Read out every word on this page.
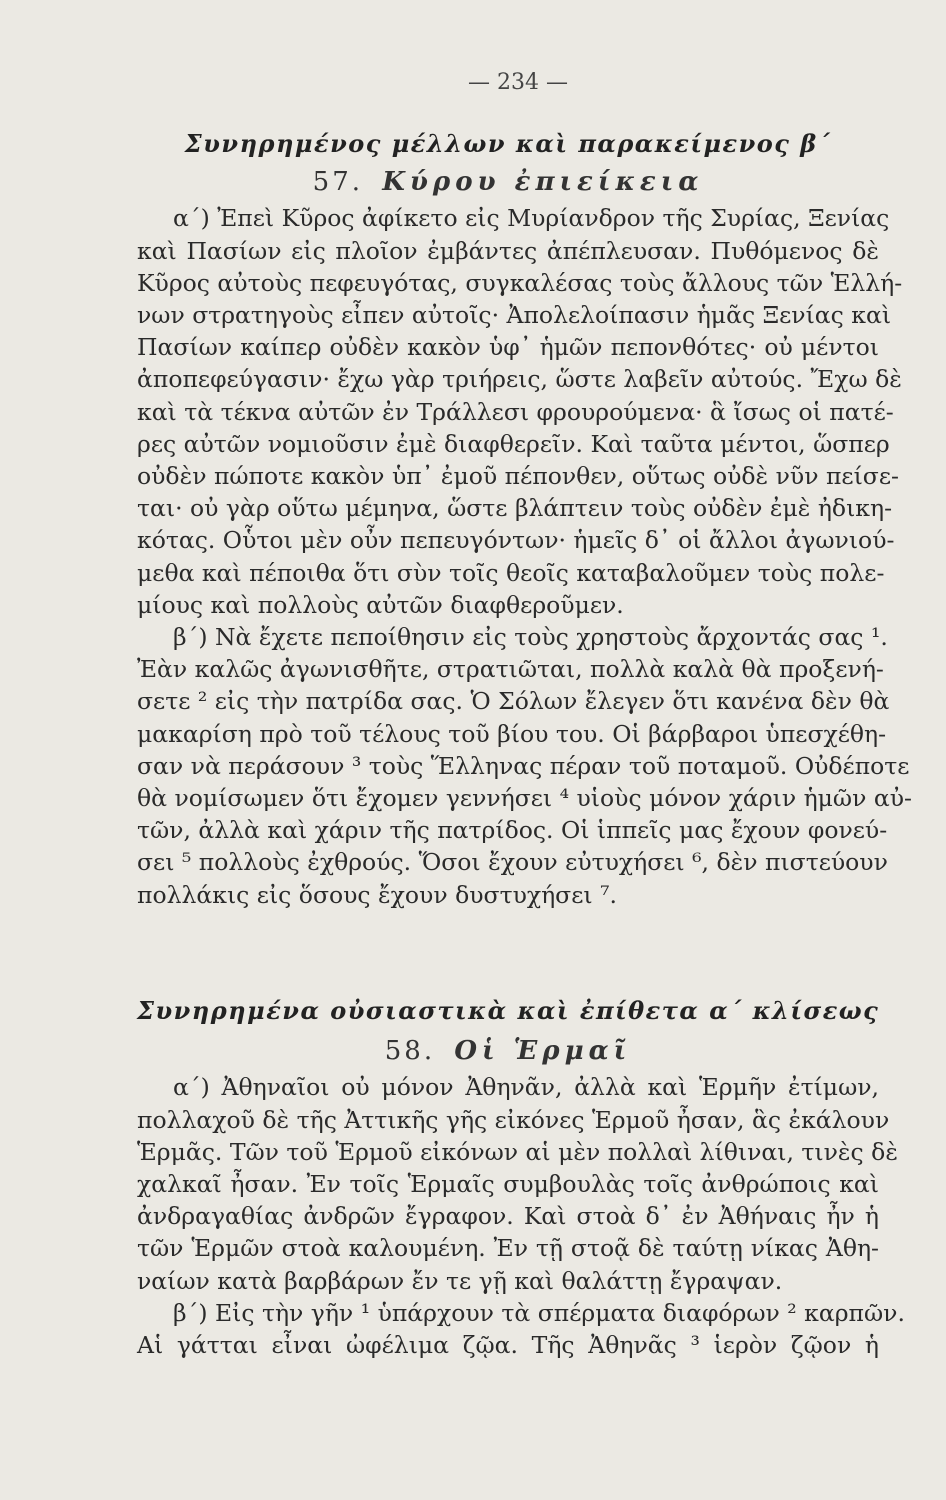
— 234 —
Συνηρημένος μέλλων καὶ παρακείμενος β΄
57. Κύρου ἐπιείκεια
α΄) Ἐπεὶ Κῦρος ἀφίκετο εἰς Μυρίανδρον τῆς Συρίας, Ξενίας
καὶ Πασίων εἰς πλοῖον ἐμβάντες ἀπέπλευσαν. Πυθόμενος δὲ
Κῦρος αὐτοὺς πεφευγότας, συγκαλέσας τοὺς ἄλλους τῶν Ἑλλή-
νων στρατηγοὺς εἶπεν αὐτοῖς· Ἀπολελοίπασιν ἡμᾶς Ξενίας καὶ
Πασίων καίπερ οὐδὲν κακὸν ὑφ᾽ ἡμῶν πεπονθότες· οὐ μέντοι
ἀποπεφεύγασιν· ἔχω γὰρ τριήρεις, ὥστε λαβεῖν αὐτούς. Ἔχω δὲ
καὶ τὰ τέκνα αὐτῶν ἐν Τράλλεσι φρουρούμενα· ἃ ἴσως οἱ πατέ-
ρες αὐτῶν νομιοῦσιν ἐμὲ διαφθερεῖν. Καὶ ταῦτα μέντοι, ὥσπερ
οὐδὲν πώποτε κακὸν ὑπ᾽ ἐμοῦ πέπονθεν, οὕτως οὐδὲ νῦν πείσε-
ται· οὐ γὰρ οὕτω μέμηνα, ὥστε βλάπτειν τοὺς οὐδὲν ἐμὲ ἠδικη-
κότας. Οὗτοι μὲν οὖν πεπευγόντων· ἡμεῖς δ᾽ οἱ ἄλλοι ἀγωνιού-
μεθα καὶ πέποιθα ὅτι σὺν τοῖς θεοῖς καταβαλοῦμεν τοὺς πολε-
μίους καὶ πολλοὺς αὐτῶν διαφθεροῦμεν.
β΄) Νὰ ἔχετε πεποίθησιν εἰς τοὺς χρηστοὺς ἄρχοντάς σας ¹.
Ἐὰν καλῶς ἀγωνισθῆτε, στρατιῶται, πολλὰ καλὰ θὰ προξενή-
σετε ² εἰς τὴν πατρίδα σας. Ὁ Σόλων ἔλεγεν ὅτι κανένα δὲν θὰ
μακαρίση πρὸ τοῦ τέλους τοῦ βίου του. Οἱ βάρβαροι ὑπεσχέθη-
σαν νὰ περάσουν ³ τοὺς Ἕλληνας πέραν τοῦ ποταμοῦ. Οὐδέποτε
θὰ νομίσωμεν ὅτι ἔχομεν γεννήσει ⁴ υἱοὺς μόνον χάριν ἡμῶν αὐ-
τῶν, ἀλλὰ καὶ χάριν τῆς πατρίδος. Οἱ ἱππεῖς μας ἔχουν φονεύ-
σει ⁵ πολλοὺς ἐχθρούς. Ὅσοι ἔχουν εὐτυχήσει ⁶, δὲν πιστεύουν
πολλάκις εἰς ὅσους ἔχουν δυστυχήσει ⁷.
Συνηρημένα οὐσιαστικὰ καὶ ἐπίθετα α΄ κλίσεως
58. Οἱ Ἑρμαῖ
α΄) Ἀθηναῖοι οὐ μόνον Ἀθηνᾶν, ἀλλὰ καὶ Ἑρμῆν ἐτίμων,
πολλαχοῦ δὲ τῆς Ἀττικῆς γῆς εἰκόνες Ἑρμοῦ ἦσαν, ἃς ἐκάλουν
Ἑρμᾶς. Τῶν τοῦ Ἑρμοῦ εἰκόνων αἱ μὲν πολλαὶ λίθιναι, τινὲς δὲ
χαλκαῖ ἦσαν. Ἐν τοῖς Ἑρμαῖς συμβουλὰς τοῖς ἀνθρώποις καὶ
ἀνδραγαθίας ἀνδρῶν ἔγραφον. Καὶ στοὰ δ᾽ ἐν Ἀθήναις ἦν ἡ
τῶν Ἑρμῶν στοὰ καλουμένη. Ἐν τῇ στοᾷ δὲ ταύτῃ νίκας Ἀθη-
ναίων κατὰ βαρβάρων ἔν τε γῇ καὶ θαλάττῃ ἔγραψαν.
β΄) Εἰς τὴν γῆν ¹ ὑπάρχουν τὰ σπέρματα διαφόρων ² καρπῶν.
Αἱ γάτται εἶναι ὠφέλιμα ζῷα. Τῆς Ἀθηνᾶς ³ ἱερὸν ζῷον ἡ
